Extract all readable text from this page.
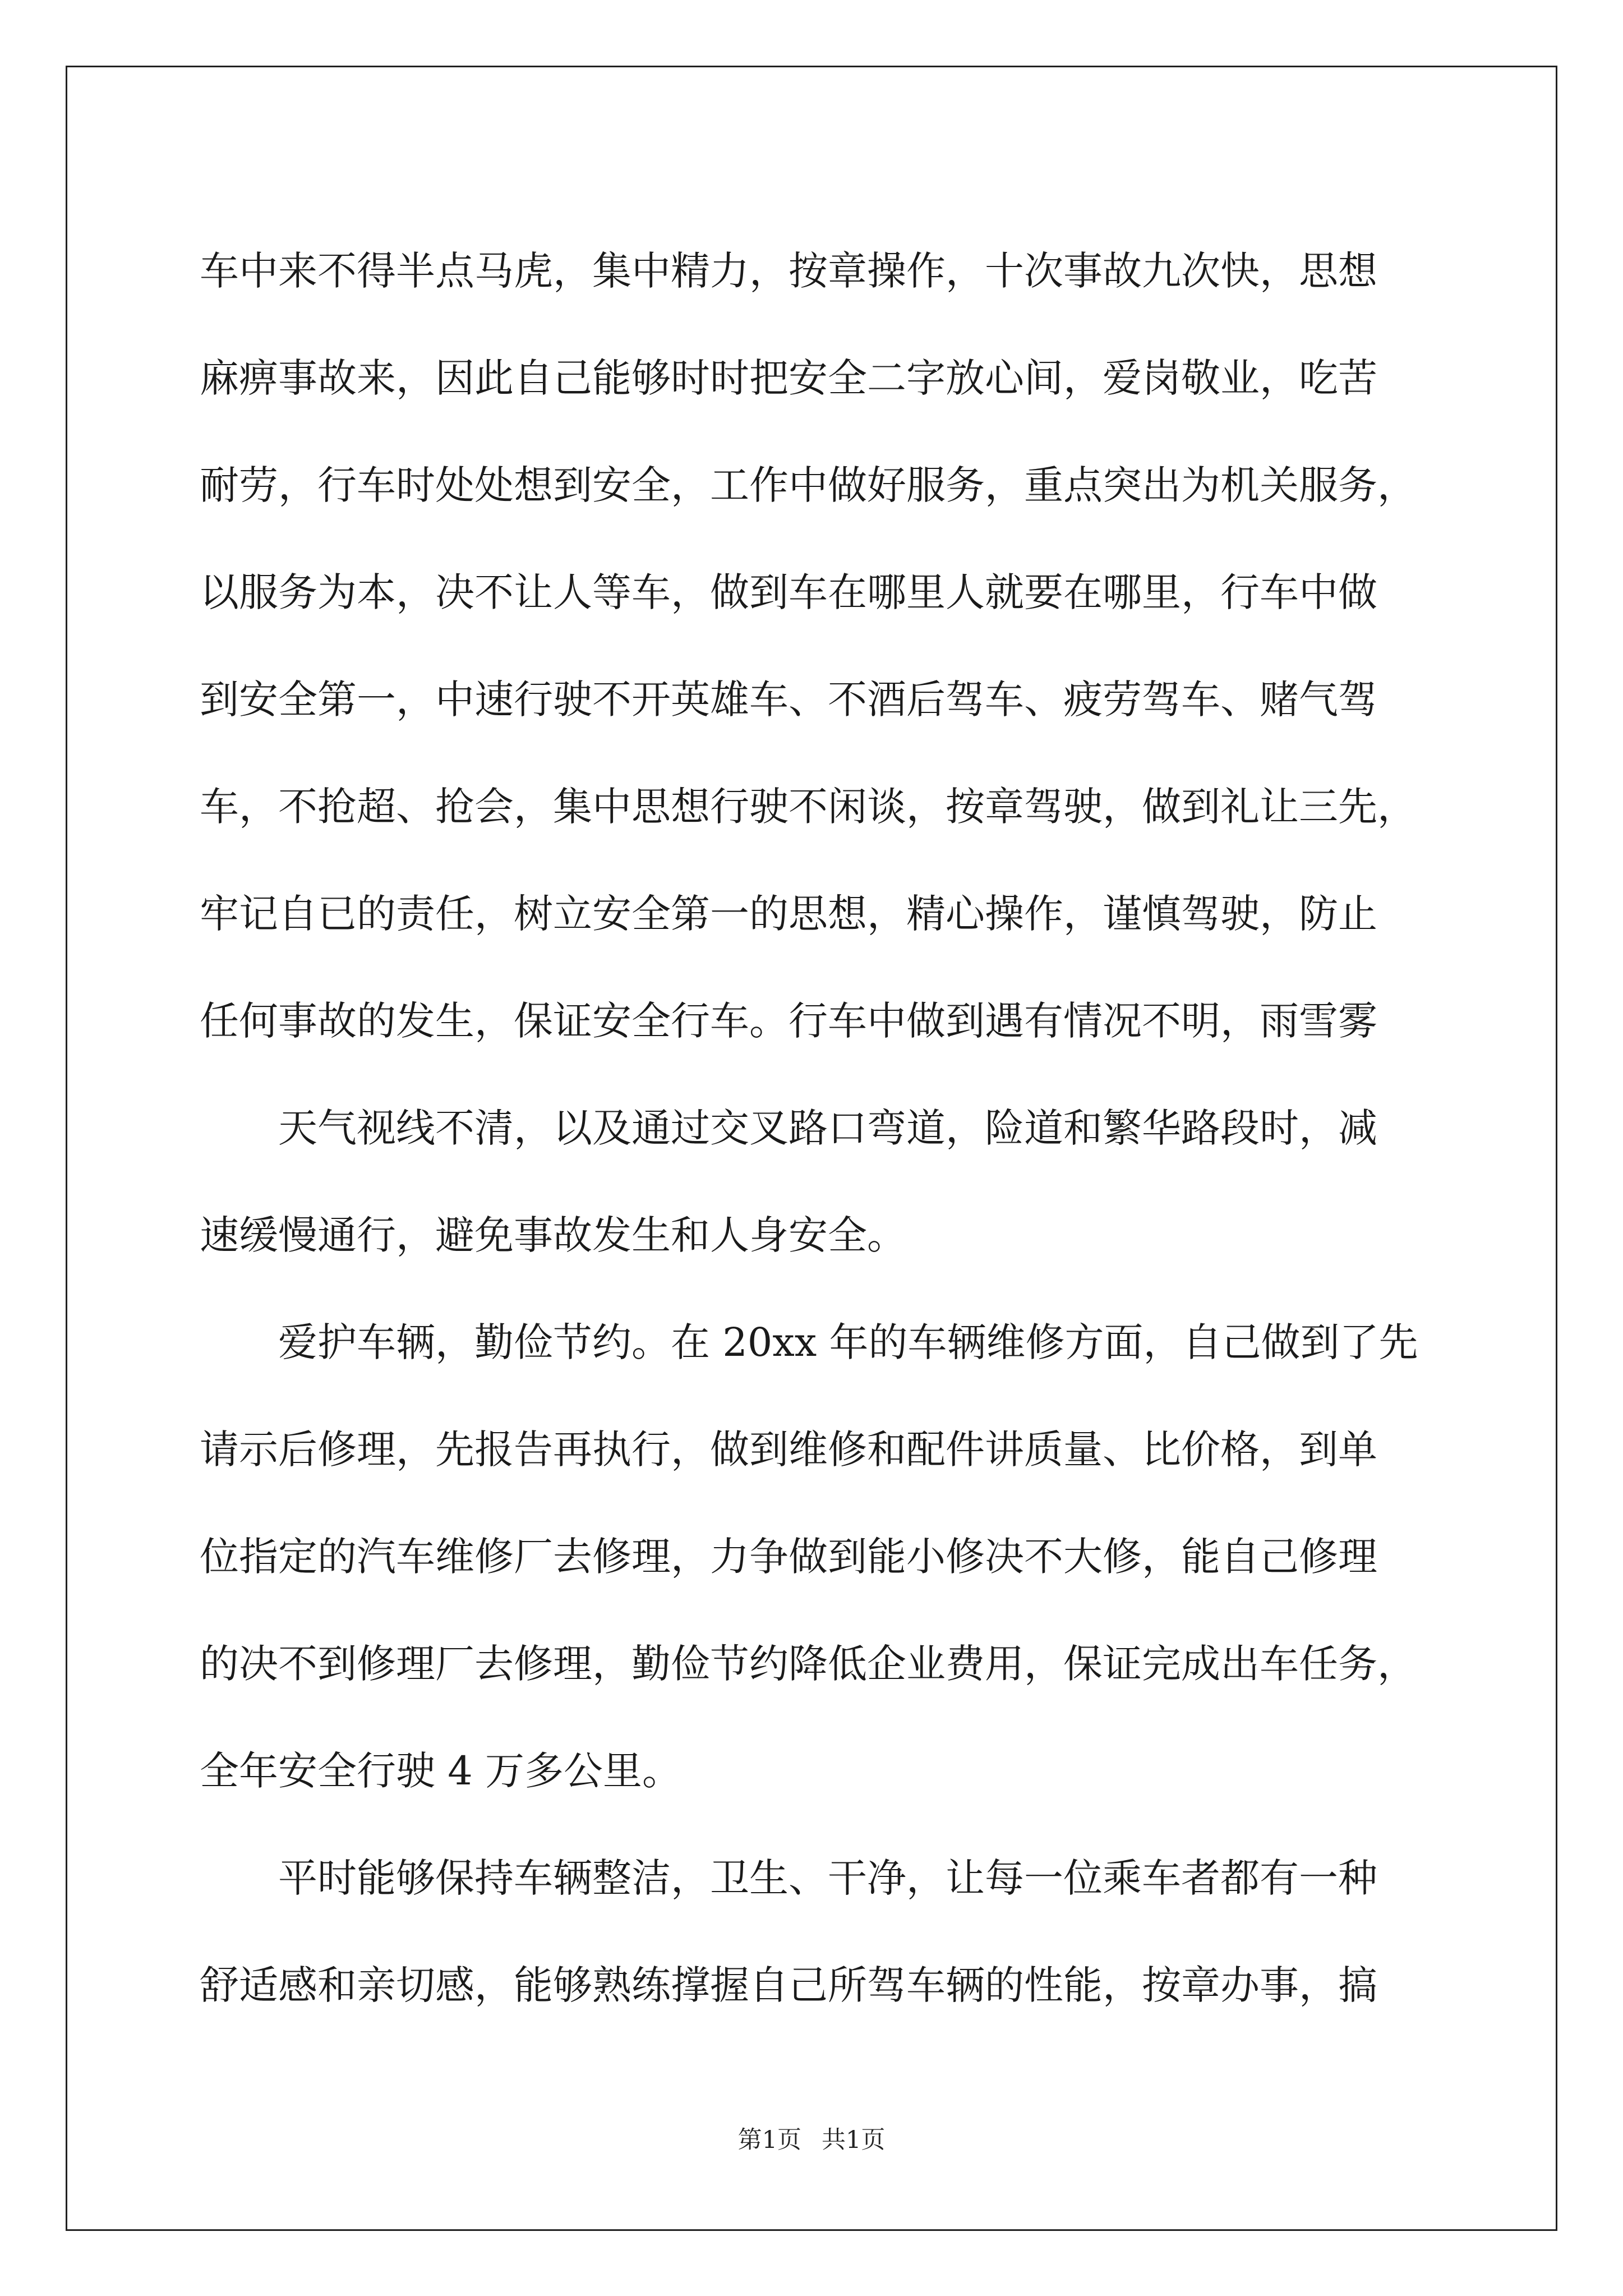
车中来不得半点马虎，集中精力，按章操作，十次事故九次快，思想
麻痹事故来，因此自己能够时时把安全二字放心间，爱岗敬业，吃苦
耐劳，行车时处处想到安全，工作中做好服务，重点突出为机关服务，
以服务为本，决不让人等车，做到车在哪里人就要在哪里，行车中做
到安全第一，中速行驶不开英雄车、不酒后驾车、疲劳驾车、赌气驾
车，不抢超、抢会，集中思想行驶不闲谈，按章驾驶，做到礼让三先，
牢记自已的责任，树立安全第一的思想，精心操作，谨慎驾驶，防止
任何事故的发生，保证安全行车。行车中做到遇有情况不明，雨雪雾
　　天气视线不清，以及通过交叉路口弯道，险道和繁华路段时，减
速缓慢通行，避免事故发生和人身安全。
　　爱护车辆，勤俭节约。在 20xx 年的车辆维修方面，自己做到了先
请示后修理，先报告再执行，做到维修和配件讲质量、比价格，到单
位指定的汽车维修厂去修理，力争做到能小修决不大修，能自己修理
的决不到修理厂去修理，勤俭节约降低企业费用，保证完成出车任务，
全年安全行驶 4 万多公里。
　　平时能够保持车辆整洁，卫生、干净，让每一位乘车者都有一种
舒适感和亲切感，能够熟练撑握自己所驾车辆的性能，按章办事，搞
第1页 共1页
